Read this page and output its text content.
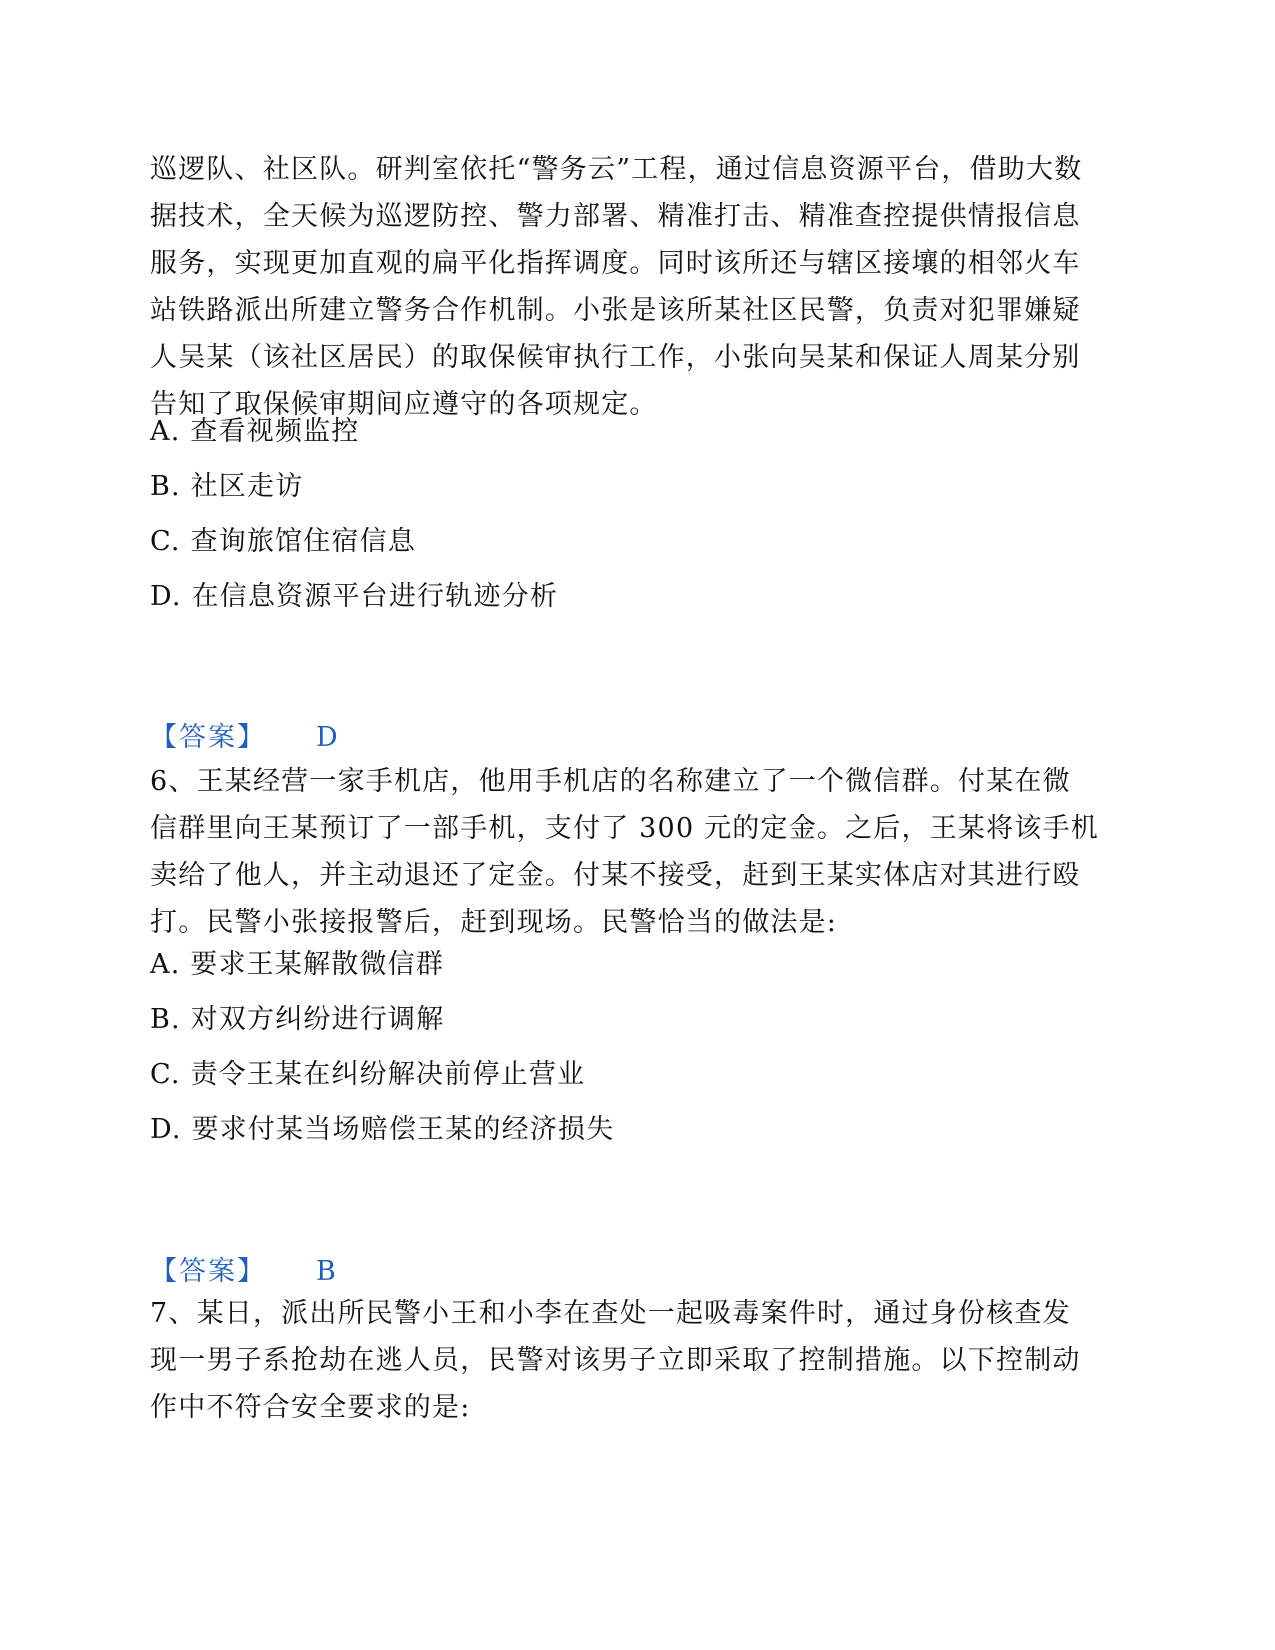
巡逻队、社区队。研判室依托“警务云”工程，通过信息资源平台，借助大数
据技术，全天候为巡逻防控、警力部署、精准打击、精准查控提供情报信息
服务，实现更加直观的扁平化指挥调度。同时该所还与辖区接壤的相邻火车
站铁路派出所建立警务合作机制。小张是该所某社区民警，负责对犯罪嫌疑
人吴某（该社区居民）的取保候审执行工作，小张向吴某和保证人周某分别
告知了取保候审期间应遵守的各项规定。
A. 查看视频监控
B. 社区走访
C. 查询旅馆住宿信息
D. 在信息资源平台进行轨迹分析
【答案】 D
6、王某经营一家手机店，他用手机店的名称建立了一个微信群。付某在微
信群里向王某预订了一部手机，支付了 300 元的定金。之后，王某将该手机
卖给了他人，并主动退还了定金。付某不接受，赶到王某实体店对其进行殴
打。民警小张接报警后，赶到现场。民警恰当的做法是:
A. 要求王某解散微信群
B. 对双方纠纷进行调解
C. 责令王某在纠纷解决前停止营业
D. 要求付某当场赔偿王某的经济损失
【答案】 B
7、某日，派出所民警小王和小李在查处一起吸毒案件时，通过身份核查发
现一男子系抢劫在逃人员，民警对该男子立即采取了控制措施。以下控制动
作中不符合安全要求的是:
